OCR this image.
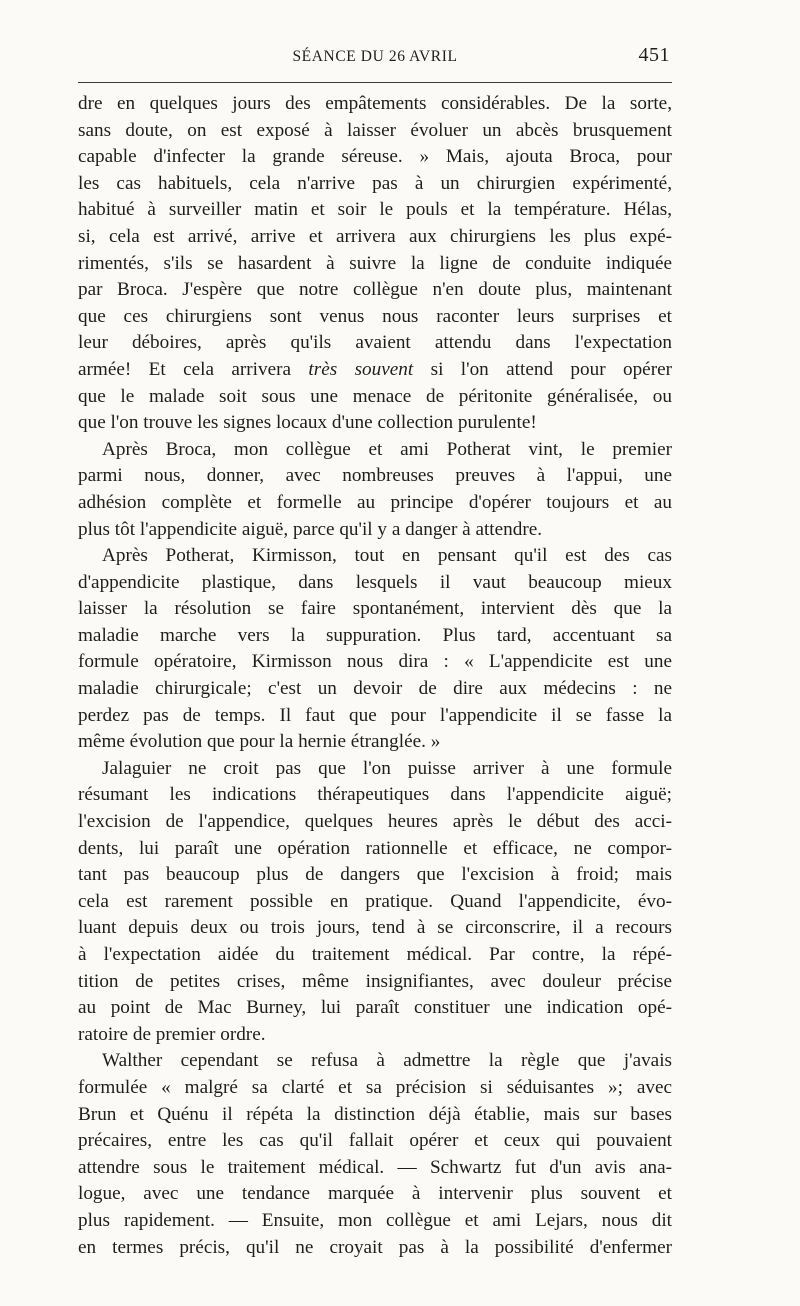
SÉANCE DU 26 AVRIL	451
dre en quelques jours des empâtements considérables. De la sorte,
sans doute, on est exposé à laisser évoluer un abcès brusquement
capable d'infecter la grande séreuse. » Mais, ajouta Broca, pour
les cas habituels, cela n'arrive pas à un chirurgien expérimenté,
habitué à surveiller matin et soir le pouls et la température. Hélas,
si, cela est arrivé, arrive et arrivera aux chirurgiens les plus expé-
rimentés, s'ils se hasardent à suivre la ligne de conduite indiquée
par Broca. J'espère que notre collègue n'en doute plus, maintenant
que ces chirurgiens sont venus nous raconter leurs surprises et
leur déboires, après qu'ils avaient attendu dans l'expectation
armée! Et cela arrivera très souvent si l'on attend pour opérer
que le malade soit sous une menace de péritonite généralisée, ou
que l'on trouve les signes locaux d'une collection purulente!
Après Broca, mon collègue et ami Potherat vint, le premier
parmi nous, donner, avec nombreuses preuves à l'appui, une
adhésion complète et formelle au principe d'opérer toujours et au
plus tôt l'appendicite aiguë, parce qu'il y a danger à attendre.
Après Potherat, Kirmisson, tout en pensant qu'il est des cas
d'appendicite plastique, dans lesquels il vaut beaucoup mieux
laisser la résolution se faire spontanément, intervient dès que la
maladie marche vers la suppuration. Plus tard, accentuant sa
formule opératoire, Kirmisson nous dira : « L'appendicite est une
maladie chirurgicale; c'est un devoir de dire aux médecins : ne
perdez pas de temps. Il faut que pour l'appendicite il se fasse la
même évolution que pour la hernie étranglée. »
Jalaguier ne croit pas que l'on puisse arriver à une formule
résumant les indications thérapeutiques dans l'appendicite aiguë;
l'excision de l'appendice, quelques heures après le début des acci-
dents, lui paraît une opération rationnelle et efficace, ne compor-
tant pas beaucoup plus de dangers que l'excision à froid; mais
cela est rarement possible en pratique. Quand l'appendicite, évo-
luant depuis deux ou trois jours, tend à se circonscrire, il a recours
à l'expectation aidée du traitement médical. Par contre, la répé-
tition de petites crises, même insignifiantes, avec douleur précise
au point de Mac Burney, lui paraît constituer une indication opé-
ratoire de premier ordre.
Walther cependant se refusa à admettre la règle que j'avais
formulée « malgré sa clarté et sa précision si séduisantes »; avec
Brun et Quénu il répéta la distinction déjà établie, mais sur bases
précaires, entre les cas qu'il fallait opérer et ceux qui pouvaient
attendre sous le traitement médical. — Schwartz fut d'un avis ana-
logue, avec une tendance marquée à intervenir plus souvent et
plus rapidement. — Ensuite, mon collègue et ami Lejars, nous dit
en termes précis, qu'il ne croyait pas à la possibilité d'enfermer
